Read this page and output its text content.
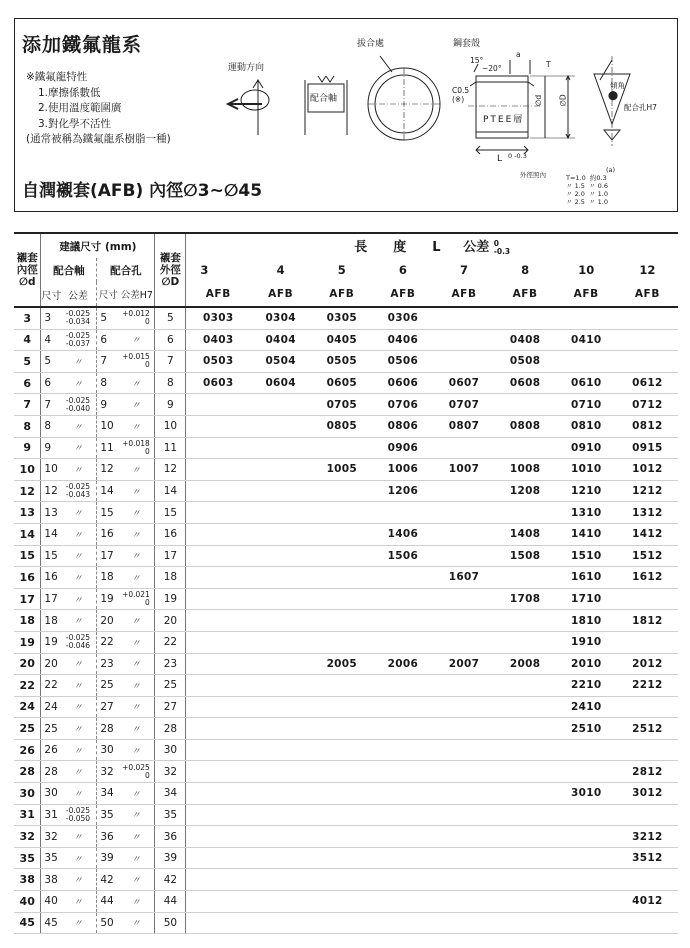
添加鐵氟龍系
※鐵氟龍特性
1.摩擦係數低
2.使用溫度範圍廣
3.對化學不活性
(通常被稱為鐵氟龍系樹脂一種)
自潤襯套(AFB) 內徑∅3~∅45
⬤
運動方向
配合軸
拔合處	鋼套殼
15°
~20°
a
T
C0.5
(※)
PTEE層
∅d ∅D
傾角
配合孔H7
L 0 -0.3
外徑照內
(a)
T=1.0 約0.3
〃 1.5 〃 0.6
〃 2.0 〃 1.0
〃 2.5 〃 1.0
襯套內徑
∅d	建議尺寸 (mm)				襯套外徑
∅D	長　　度　　L 公差 0
-0.3							
	配合軸		配合孔			3	4	5	6	7	8	10	12
	尺寸	公差	尺寸 公差H7			AFB	AFB	AFB	AFB	AFB	AFB	AFB	AFB
3	3	-0.025
-0.034	5	+0.012
0	5	0303	0304	0305	0306				
4	4	-0.025
-0.037	6	〃	6	0403	0404	0405	0406		0408	0410	
5	5	〃	7	+0.015
0	7	0503	0504	0505	0506		0508		
6	6	〃	8	〃	8	0603	0604	0605	0606	0607	0608	0610	0612
7	7	-0.025
-0.040	9	〃	9			0705	0706	0707		0710	0712
8	8	〃	10	〃	10			0805	0806	0807	0808	0810	0812
9	9	〃	11	+0.018
0	11				0906			0910	0915
10	10	〃	12	〃	12			1005	1006	1007	1008	1010	1012
12	12	-0.025
-0.043	14	〃	14				1206		1208	1210	1212
13	13	〃	15	〃	15							1310	1312
14	14	〃	16	〃	16				1406		1408	1410	1412
15	15	〃	17	〃	17				1506		1508	1510	1512
16	16	〃	18	〃	18					1607		1610	1612
17	17	〃	19	+0.021
0	19						1708	1710	
18	18	〃	20	〃	20							1810	1812
19	19	-0.025
-0.046	22	〃	22							1910	
20	20	〃	23	〃	23			2005	2006	2007	2008	2010	2012
22	22	〃	25	〃	25							2210	2212
24	24	〃	27	〃	27							2410	
25	25	〃	28	〃	28							2510	2512
26	26	〃	30	〃	30								
28	28	〃	32	+0.025
0	32								2812
30	30	〃	34	〃	34							3010	3012
31	31	-0.025
-0.050	35	〃	35								
32	32	〃	36	〃	36								3212
35	35	〃	39	〃	39								3512
38	38	〃	42	〃	42								
40	40	〃	44	〃	44								4012
45	45	〃	50	〃	50								
